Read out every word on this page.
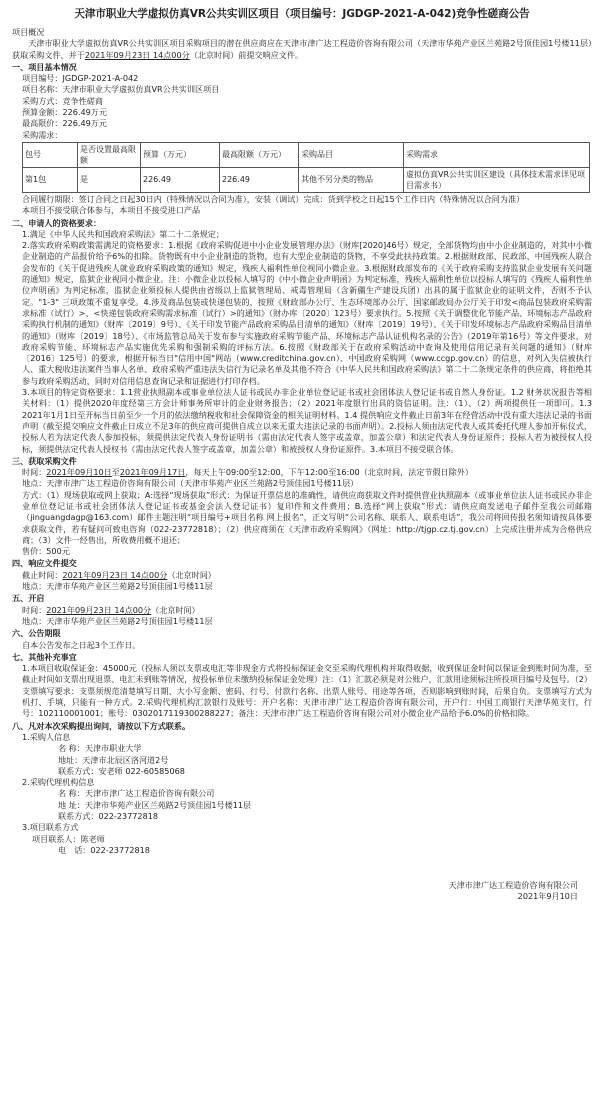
天津市职业大学虚拟仿真VR公共实训区项目（项目编号：JGDGP-2021-A-042)竞争性磋商公告
项目概况
天津市职业大学虚拟仿真VR公共实训区项目采购项目的潜在供应商应在天津市津广达工程造价咨询有限公司（天津市华苑产业区兰苑路2号顶佳园1号楼11层）获取采购文件，并于2021年09月23日 14点00分（北京时间）前提交响应文件。
一、项目基本情况
项目编号：JGDGP-2021-A-042
项目名称：天津市职业大学虚拟仿真VR公共实训区项目
采购方式：竞争性磋商
预算金额：226.49万元
最高限价：226.49万元
采购需求：
包号	是否设置最高限额	预算（万元）	最高限额（万元）	采购品目	采购需求
第1包	是	226.49	226.49	其他不另分类的物品	虚拟仿真VR公共实训区建设（具体技术需求详见项目需求书）
合同履行期限：签订合同之日起30日内（特殊情况以合同为准），安装（调试）完成：货到学校之日起15个工作日内（特殊情况以合同为准）
本项目不接受联合体参与，本项目不接受进口产品
二、申请人的资格要求：
1.满足《中华人民共和国政府采购法》第二十二条规定；
2.落实政府采购政策需满足的资格要求：1.根据《政府采购促进中小企业发展管理办法》（财库[2020]46号）规定，全部货物均由中小企业制造的，对其中小微企业制造的产品报价给予6%的扣除。货物既有中小企业制造的货物，也有大型企业制造的货物，不享受此扶持政策。2.根据财政部、民政部、中国残疾人联合会发布的《关于促进残疾人就业政府采购政策的通知》规定，残疾人福利性单位视同小微企业。3.根据财政部发布的《关于政府采购支持监狱企业发展有关问题的通知》规定，监狱企业视同小微企业。注：小微企业以投标人填写的《中小微企业声明函》为判定标准，残疾人福利性单位以投标人填写的《残疾人福利性单位声明函》为判定标准，监狱企业须投标人提供由省级以上监狱管理局、戒毒管理局（含新疆生产建设兵团）出具的属于监狱企业的证明文件，否则不予认定。"1-3" 三项政策不重复享受。4.涉及商品包装或快递包装的，按照《财政部办公厅、生态环境部办公厅、国家邮政局办公厅关于印发<商品包装政府采购需求标准（试行）>、<快递包装政府采购需求标准（试行）>的通知》（财办库〔2020〕123号）要求执行。5.按照《关于调整优化节能产品、环境标志产品政府采购执行机制的通知》（财库〔2019〕9号）、《关于印发节能产品政府采购品目清单的通知》（财库〔2019〕19号）、《关于印发环境标志产品政府采购品目清单的通知》（财库〔2019〕18号）、《市场监管总局关于发布参与实施政府采购节能产品、环境标志产品认证机构名录的公告》（2019年第16号）等文件要求，对政府采购节能、环境标志产品实施优先采购和强制采购的评标方法。6.按照《财政部关于在政府采购活动中查询及使用信用记录有关问题的通知》（财库〔2016〕125号）的要求，根据开标当日"信用中国"网站（www.creditchina.gov.cn）、中国政府采购网（www.ccgp.gov.cn）的信息，对列入失信被执行人、重大税收违法案件当事人名单、政府采购严重违法失信行为记录名单及其他不符合《中华人民共和国政府采购法》第二十二条规定条件的供应商，将拒绝其参与政府采购活动，同时对信用信息查询记录和证据进行打印存档。
3.本项目的特定资格要求：1.1营业执照副本或事业单位法人证书或民办非企业单位登记证书或社会团体法人登记证书或自然人身份证。1.2 财务状况报告等相关材料：（1）提供2020年度经第三方会计师事务所审计的企业财务报告；（2）2021年度银行出具的资信证明。注：（1）、（2）两项提供任一项即可。1.3 2021年1月1日至开标当日前至少一个月的依法缴纳税收和社会保障资金的相关证明材料。1.4 提供响应文件截止日前3年在经营活动中没有重大违法记录的书面声明（截至提交响应文件截止日成立不足3年的供应商可提供自成立以来无重大违法记录的书面声明）。2.投标人须由法定代表人或其委托代理人参加开标仪式，投标人若为法定代表人参加投标，须提供法定代表人身份证明书（需由法定代表人签字或盖章，加盖公章）和法定代表人身份证原件；投标人若为被授权人投标，须提供法定代表人授权书（需由法定代表人签字或盖章，加盖公章）和被授权人身份证原件。3.本项目不接受联合体。
三、获取采购文件
时间：2021年09月10日至2021年09月17日，每天上午09:00至12:00，下午12:00至16:00（北京时间，法定节假日除外）
地点：天津市津广达工程造价咨询有限公司（天津市华苑产业区兰苑路2号顶佳园1号楼11层）
方式：（1）现场获取或网上获取；A:选择“现场获取”形式：为保证开票信息的准确性，请供应商获取文件时提供营业执照副本（或事业单位法人证书或民办非企业单位登记证书或社会团体法人登记证书或基金会法人登记证书）复印件和文件费用；B.选择“网上获取”形式：请供应商发送电子邮件至我公司邮箱（jinguangdagp@163.com）邮件主题注明“项目编号+项目名称 网上报名”，正文写明“公司名称、联系人、联系电话”，我公司将回传报名须知请按具体要求获取文件，若有疑问可致电咨询（022-23772818）；（2）供应商须在《天津市政府采购网》（网址：http://tjgp.cz.tj.gov.cn）上完成注册并成为合格供应商；（3）文件一经售出，所收费用概不退还；
售价：500元
四、响应文件提交
截止时间：2021年09月23日 14点00分（北京时间）
地点：天津市华苑产业区兰苑路2号顶佳园1号楼11层
五、开启
时间：2021年09月23日 14点00分（北京时间）
地点：天津市华苑产业区兰苑路2号顶佳园1号楼11层
六、公告期限
自本公告发布之日起3个工作日。
七、其他补充事宜
1.本项目收取保证金：45000元（投标人须以支票或电汇等非现金方式将投标保证金交至采购代理机构并取得收据，收到保证金时间以保证金到账时间为准，至截止时间如支票出现退票、电汇未到账等情况，按投标单位未缴纳投标保证金处理）注：（1）汇款必须是对公账户，汇款用途须标注所投项目编号及包号。（2）支票填写要求：支票须规范清楚填写日期、大小写金额、密码、行号、付款行名称、出票人账号、用途等各项，否则影响到账时间，后果自负。支票填写方式为机打、手填，只能有一种方式。2.采购代理机构汇款银行及账号：开户名称：天津市津广达工程造价咨询有限公司，开户行：中国工商银行天津华苑支行，行号：102110001001；账号：0302017119300288227；备注：天津市津广达工程造价咨询有限公司对小微企业产品给予6.0%的价格扣除。
八、凡对本次采购提出询问，请按以下方式联系。
1.采购人信息
名 称：天津市职业大学
地址：天津市北辰区洛河道2号
联系方式：安老师 022-60585068
2.采购代理机构信息
名 称：天津市津广达工程造价咨询有限公司
地 址：天津市华苑产业区兰苑路2号顶佳园1号楼11层
联系方式：022-23772818
3.项目联系方式
项目联系人：陈老师
电　话：022-23772818
天津市津广达工程造价咨询有限公司
2021年9月10日
